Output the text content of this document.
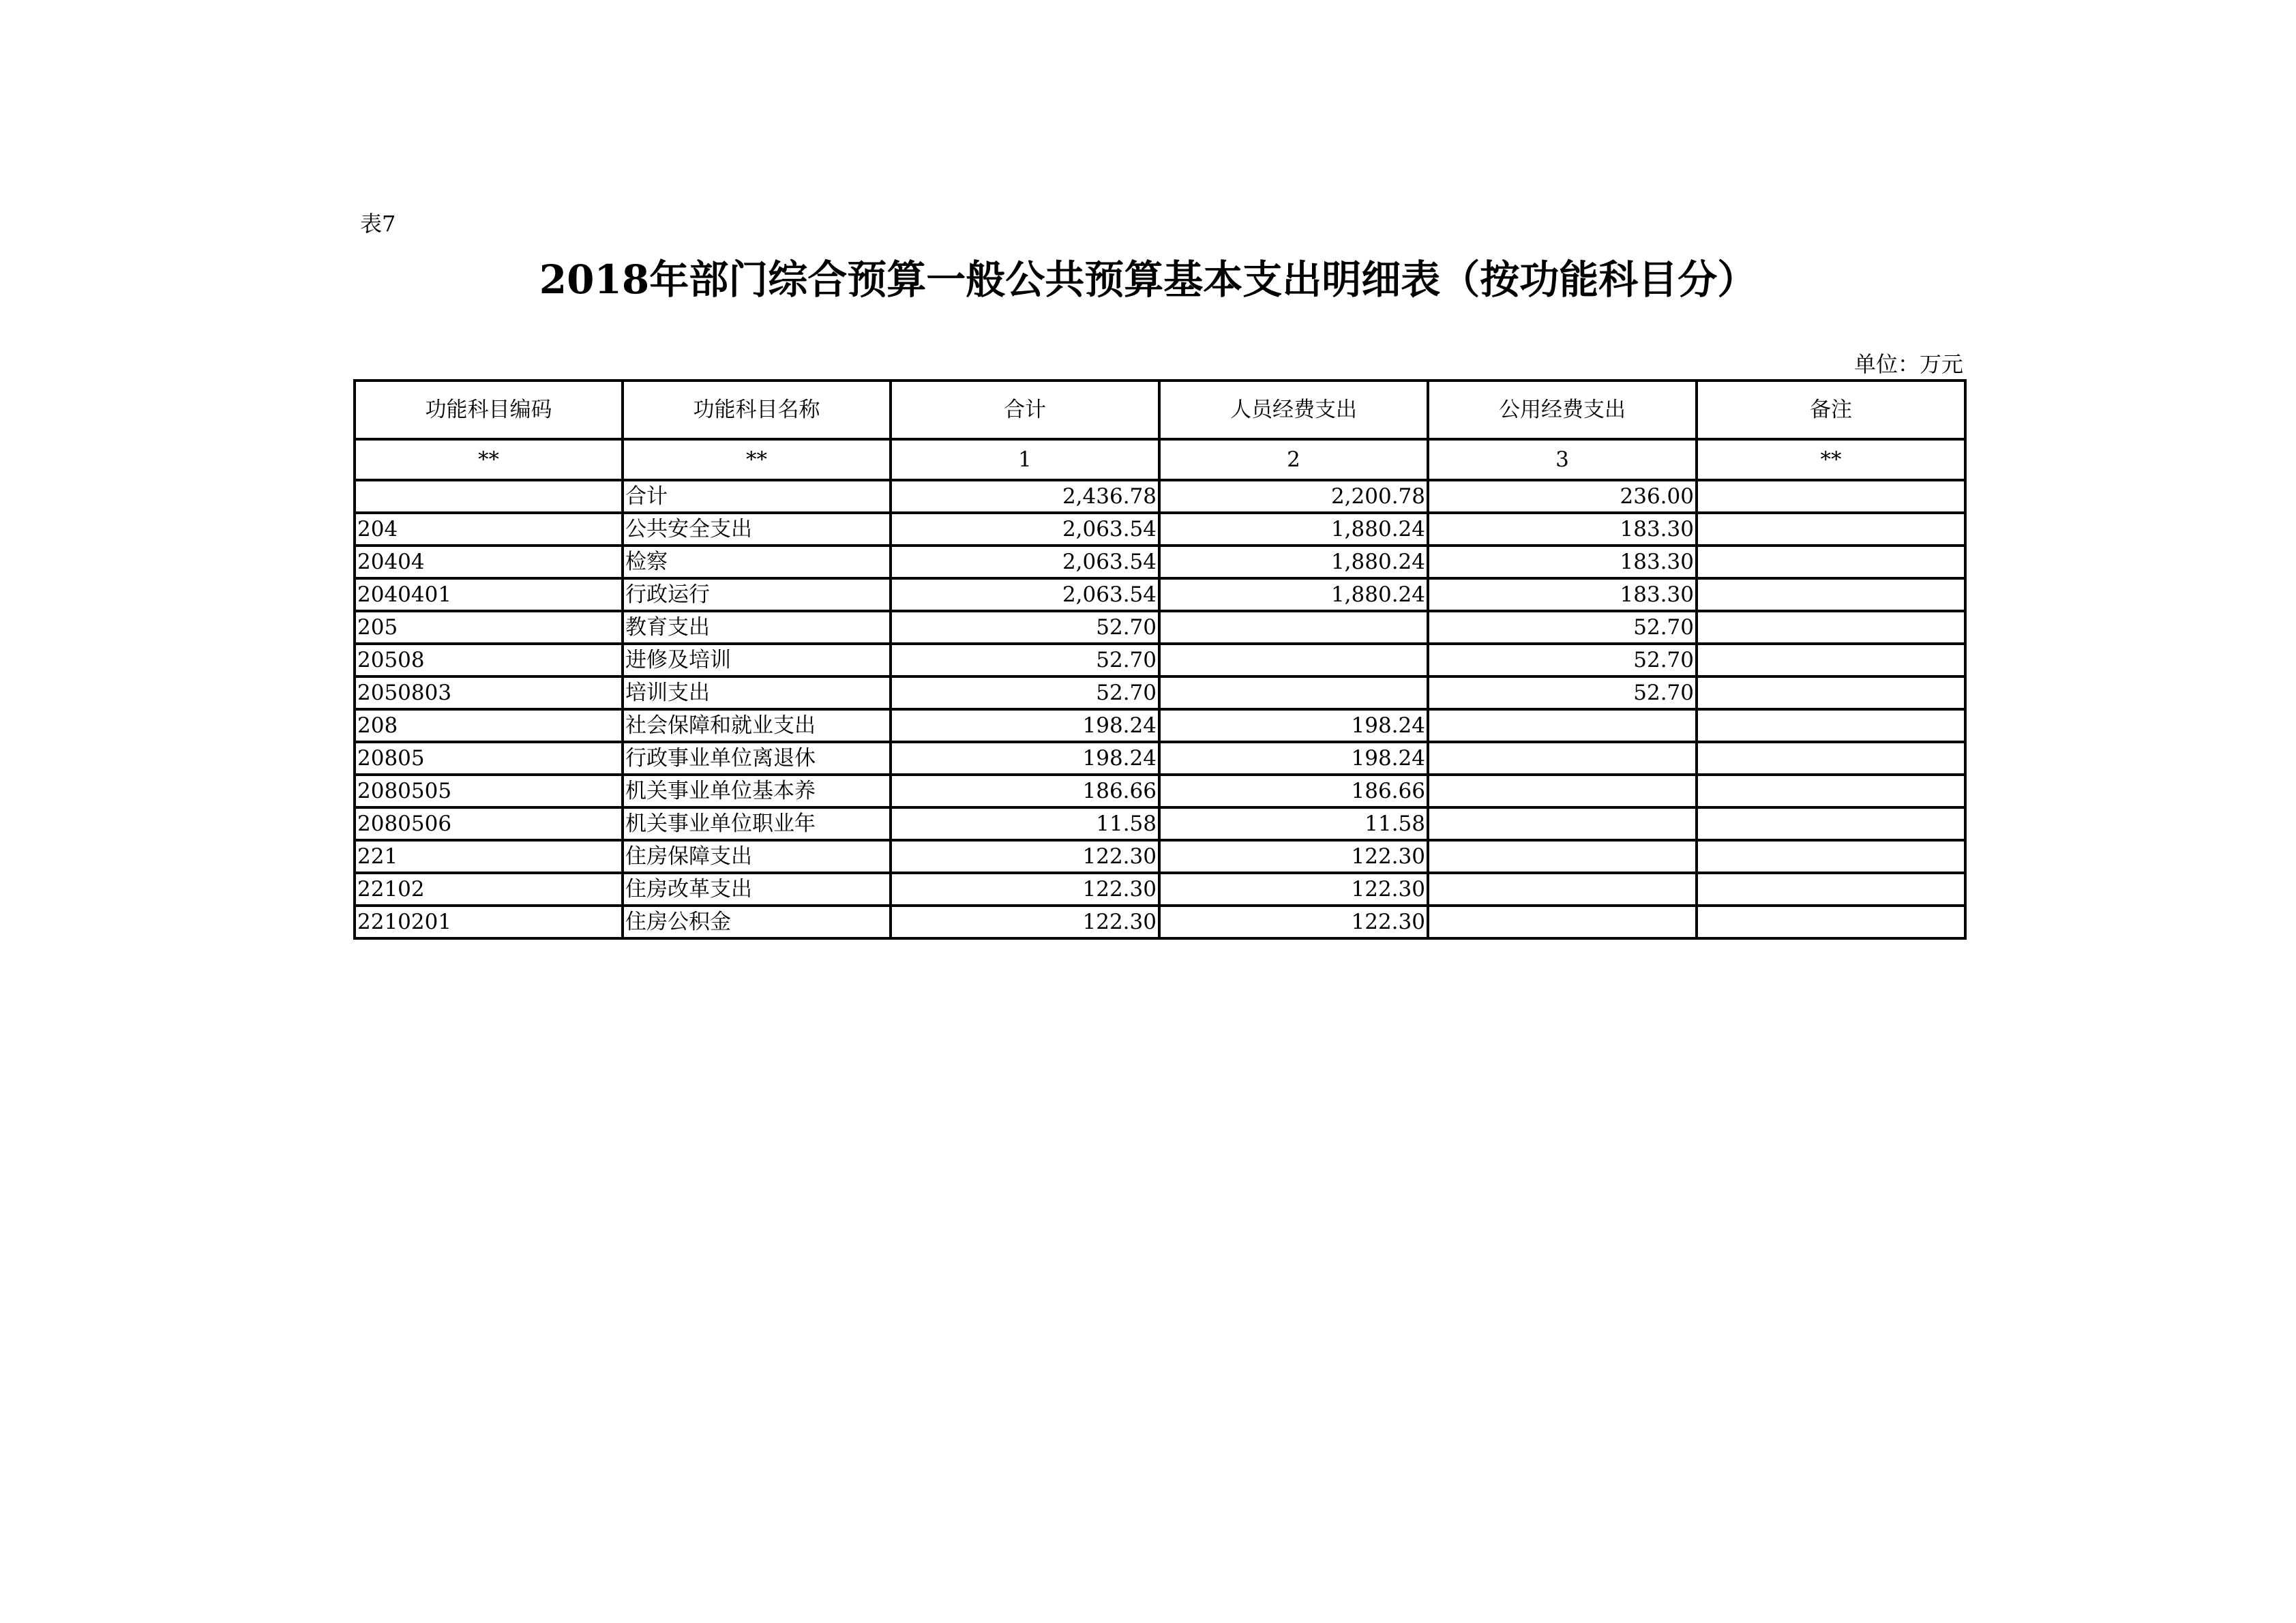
表7
2018年部门综合预算一般公共预算基本支出明细表（按功能科目分）
单位：万元
功能科目编码	功能科目名称	合计	人员经费支出	公用经费支出	备注
**	**	1	2	3	**
	合计	2,436.78	2,200.78	236.00	
204	公共安全支出	2,063.54	1,880.24	183.30	
20404	检察	2,063.54	1,880.24	183.30	
2040401	行政运行	2,063.54	1,880.24	183.30	
205	教育支出	52.70		52.70	
20508	进修及培训	52.70		52.70	
2050803	培训支出	52.70		52.70	
208	社会保障和就业支出	198.24	198.24		
20805	行政事业单位离退休	198.24	198.24		
2080505	机关事业单位基本养	186.66	186.66		
2080506	机关事业单位职业年	11.58	11.58		
221	住房保障支出	122.30	122.30		
22102	住房改革支出	122.30	122.30		
2210201	住房公积金	122.30	122.30		
